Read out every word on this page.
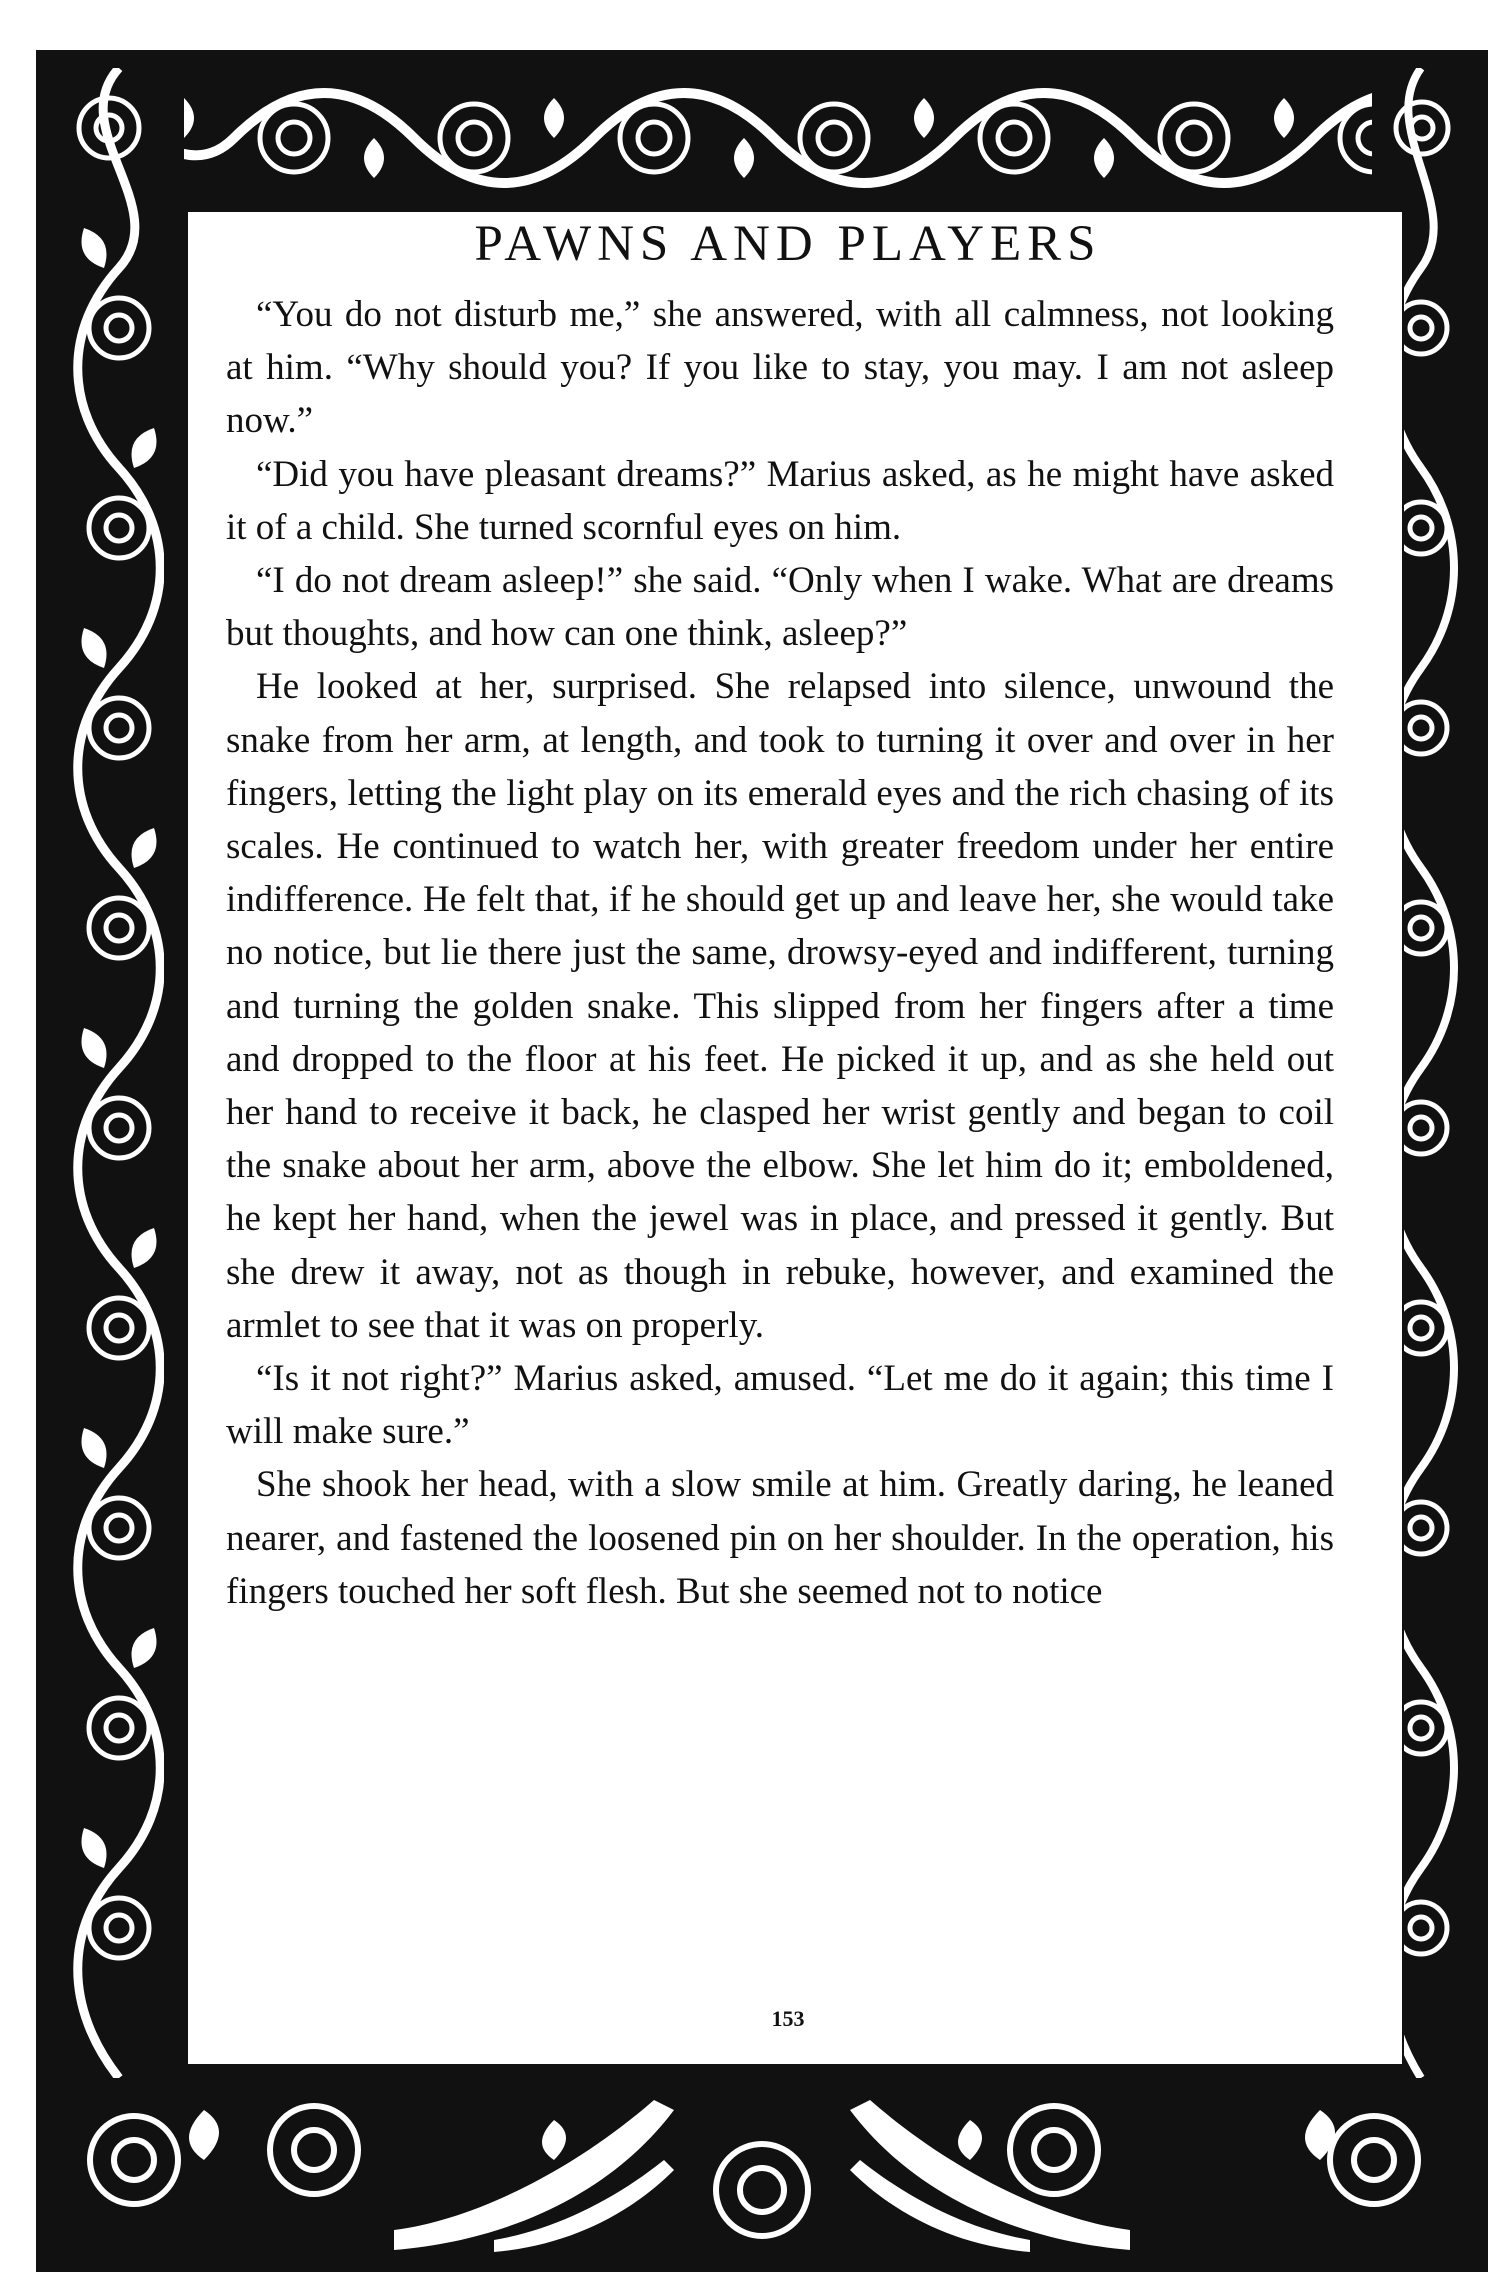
PAWNS AND PLAYERS

“You do not disturb me,” she answered, with all calmness, not looking at him. “Why should you? If you like to stay, you may. I am not asleep now.”

“Did you have pleasant dreams?” Marius asked, as he might have asked it of a child. She turned scornful eyes on him.

“I do not dream asleep!” she said. “Only when I wake. What are dreams but thoughts, and how can one think, asleep?”

He looked at her, surprised. She relapsed into silence, unwound the snake from her arm, at length, and took to turning it over and over in her fingers, letting the light play on its emerald eyes and the rich chasing of its scales. He continued to watch her, with greater freedom under her entire indifference. He felt that, if he should get up and leave her, she would take no notice, but lie there just the same, drowsy-eyed and indifferent, turning and turning the golden snake. This slipped from her fingers after a time and dropped to the floor at his feet. He picked it up, and as she held out her hand to receive it back, he clasped her wrist gently and began to coil the snake about her arm, above the elbow. She let him do it; emboldened, he kept her hand, when the jewel was in place, and pressed it gently. But she drew it away, not as though in rebuke, however, and examined the armlet to see that it was on properly.

“Is it not right?” Marius asked, amused. “Let me do it again; this time I will make sure.”

She shook her head, with a slow smile at him. Greatly daring, he leaned nearer, and fastened the loosened pin on her shoulder. In the operation, his fingers touched her soft flesh. But she seemed not to notice

153
